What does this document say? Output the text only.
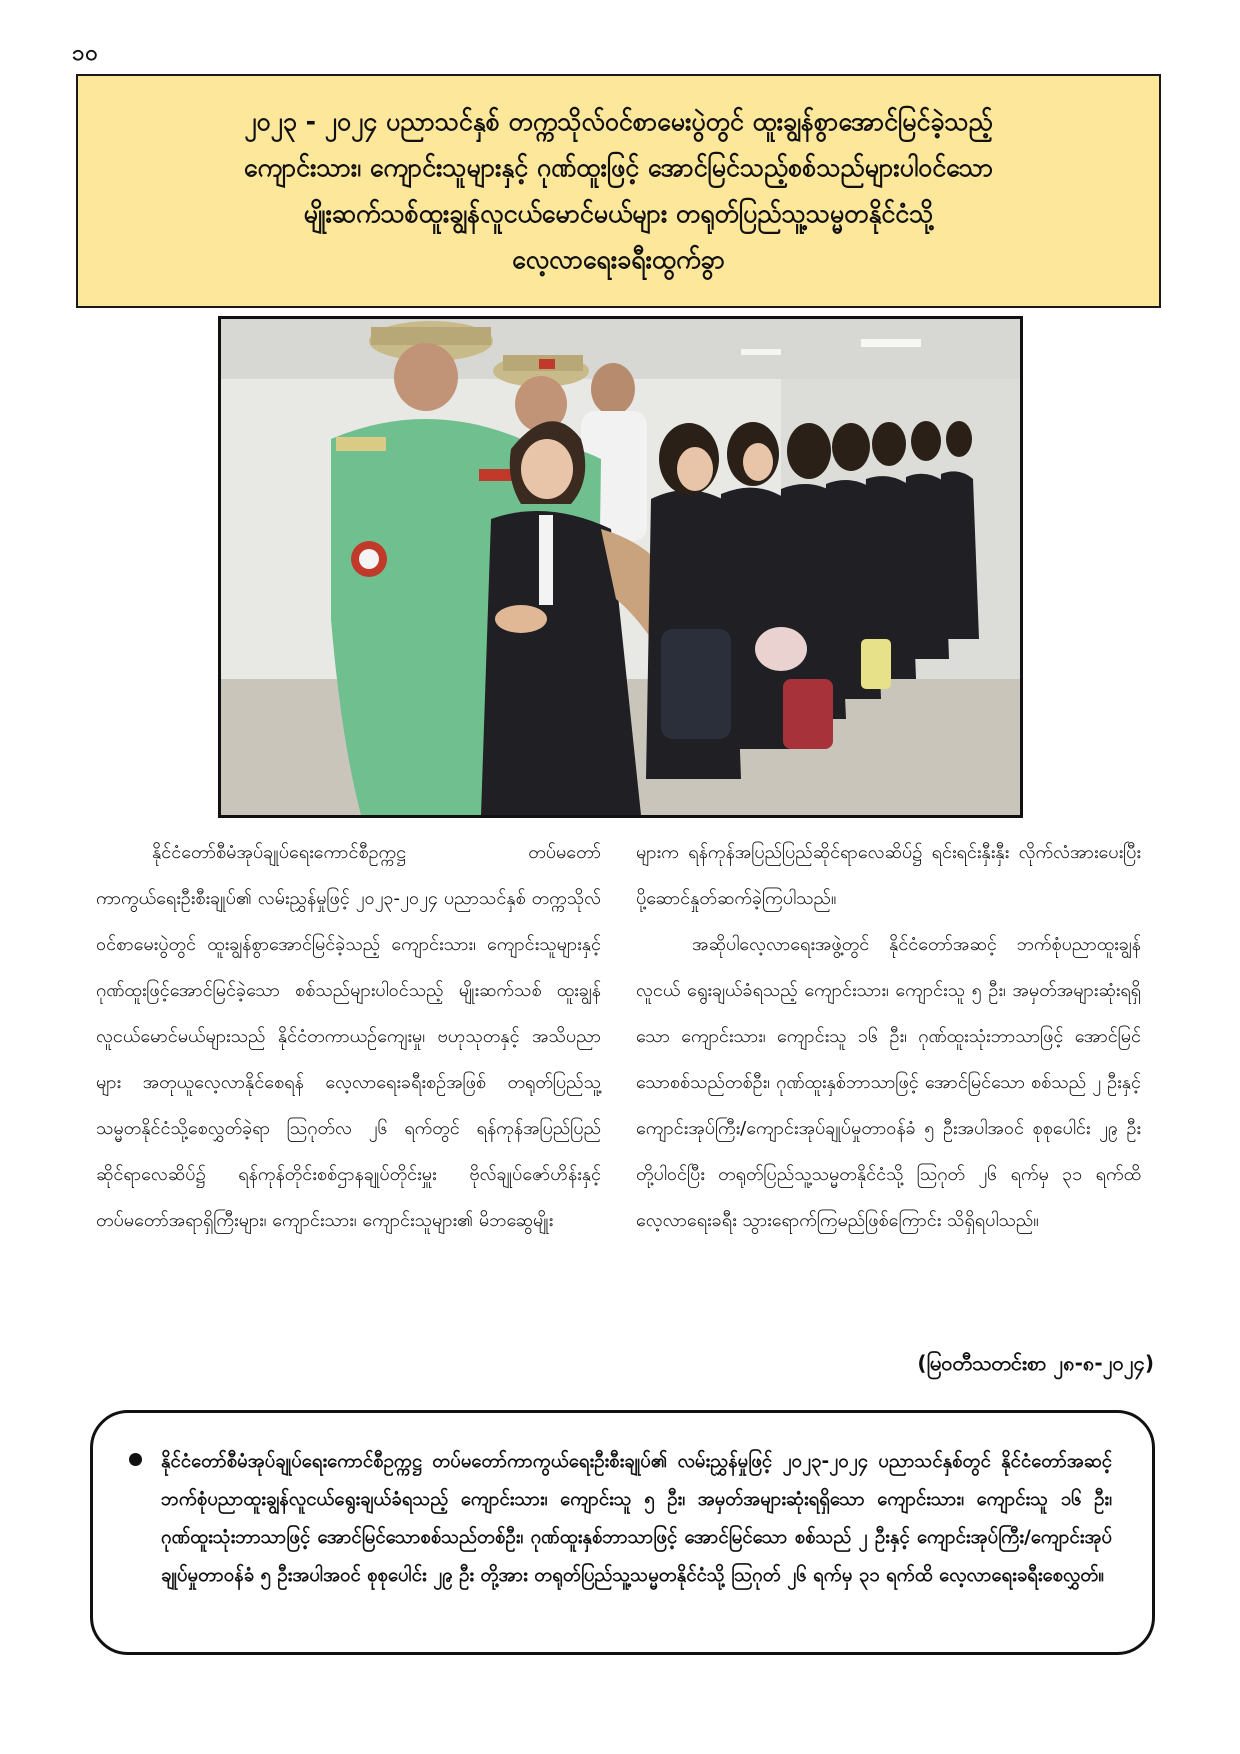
၁၀
၂၀၂၃ - ၂၀၂၄ ပညာသင်နှစ် တက္ကသိုလ်ဝင်စာမေးပွဲတွင် ထူးချွန်စွာအောင်မြင်ခဲ့သည့်
ကျောင်းသား၊ ကျောင်းသူများနှင့် ဂုဏ်ထူးဖြင့် အောင်မြင်သည့်စစ်သည်များပါဝင်သော
မျိုးဆက်သစ်ထူးချွန်လူငယ်မောင်မယ်များ တရုတ်ပြည်သူ့သမ္မတနိုင်ငံသို့
လေ့လာရေးခရီးထွက်ခွာ

နိုင်ငံတော်စီမံအုပ်ချုပ်ရေးကောင်စီဥက္ကဋ္ဌ တပ်မတော်ကာကွယ်ရေးဦးစီးချုပ်၏ လမ်းညွှန်မှုဖြင့် ၂၀၂၃-၂၀၂၄ ပညာသင်နှစ် တက္ကသိုလ်ဝင်စာမေးပွဲတွင် ထူးချွန်စွာအောင်မြင်ခဲ့သည့် ကျောင်းသား၊ ကျောင်းသူများနှင့် ဂုဏ်ထူးဖြင့်အောင်မြင်ခဲ့သော စစ်သည်များပါဝင်သည့် မျိုးဆက်သစ် ထူးချွန်လူငယ်မောင်မယ်များသည် နိုင်ငံတကာယဉ်ကျေးမှု၊ ဗဟုသုတနှင့် အသိပညာများ အတုယူလေ့လာနိုင်စေရန် လေ့လာရေးခရီးစဉ်အဖြစ် တရုတ်ပြည်သူ့သမ္မတနိုင်ငံသို့စေလွှတ်ခဲ့ရာ ဩဂုတ်လ ၂၆ ရက်တွင် ရန်ကုန်အပြည်ပြည်ဆိုင်ရာလေဆိပ်၌ ရန်ကုန်တိုင်းစစ်ဌာနချုပ်တိုင်းမှူး ဗိုလ်ချုပ်ဇော်ဟိန်းနှင့် တပ်မတော်အရာရှိကြီးများ၊ ကျောင်းသား၊ ကျောင်းသူများ၏ မိဘဆွေမျိုး

များက ရန်ကုန်အပြည်ပြည်ဆိုင်ရာလေဆိပ်၌ ရင်းရင်းနှီးနှီး လိုက်လံအားပေးပြီး ပို့ဆောင်နှုတ်ဆက်ခဲ့ကြပါသည်။

အဆိုပါလေ့လာရေးအဖွဲ့တွင် နိုင်ငံတော်အဆင့် ဘက်စုံပညာထူးချွန်လူငယ် ရွေးချယ်ခံရသည့် ကျောင်းသား၊ ကျောင်းသူ ၅ ဦး၊ အမှတ်အများဆုံးရရှိသော ကျောင်းသား၊ ကျောင်းသူ ၁၆ ဦး၊ ဂုဏ်ထူးသုံးဘာသာဖြင့် အောင်မြင်သောစစ်သည်တစ်ဦး၊ ဂုဏ်ထူးနှစ်ဘာသာဖြင့် အောင်မြင်သော စစ်သည် ၂ ဦးနှင့် ကျောင်းအုပ်ကြီး/ကျောင်းအုပ်ချုပ်မှုတာဝန်ခံ ၅ ဦးအပါအဝင် စုစုပေါင်း ၂၉ ဦး တို့ပါဝင်ပြီး တရုတ်ပြည်သူ့သမ္မတနိုင်ငံသို့ ဩဂုတ် ၂၆ ရက်မှ ၃၁ ရက်ထိ လေ့လာရေးခရီး သွားရောက်ကြမည်ဖြစ်ကြောင်း သိရှိရပါသည်။

(မြဝတီသတင်းစာ ၂၈-၈-၂၀၂၄)

နိုင်ငံတော်စီမံအုပ်ချုပ်ရေးကောင်စီဥက္ကဋ္ဌ တပ်မတော်ကာကွယ်ရေးဦးစီးချုပ်၏ လမ်းညွှန်မှုဖြင့် ၂၀၂၃-၂၀၂၄ ပညာသင်နှစ်တွင် နိုင်ငံတော်အဆင့်ဘက်စုံပညာထူးချွန်လူငယ်ရွေးချယ်ခံရသည့် ကျောင်းသား၊ ကျောင်းသူ ၅ ဦး၊ အမှတ်အများဆုံးရရှိသော ကျောင်းသား၊ ကျောင်းသူ ၁၆ ဦး၊ ဂုဏ်ထူးသုံးဘာသာဖြင့် အောင်မြင်သောစစ်သည်တစ်ဦး၊ ဂုဏ်ထူးနှစ်ဘာသာဖြင့် အောင်မြင်သော စစ်သည် ၂ ဦးနှင့် ကျောင်းအုပ်ကြီး/ကျောင်းအုပ်ချုပ်မှုတာဝန်ခံ ၅ ဦးအပါအဝင် စုစုပေါင်း ၂၉ ဦး တို့အား တရုတ်ပြည်သူ့သမ္မတနိုင်ငံသို့ ဩဂုတ် ၂၆ ရက်မှ ၃၁ ရက်ထိ လေ့လာရေးခရီးစေလွှတ်။
